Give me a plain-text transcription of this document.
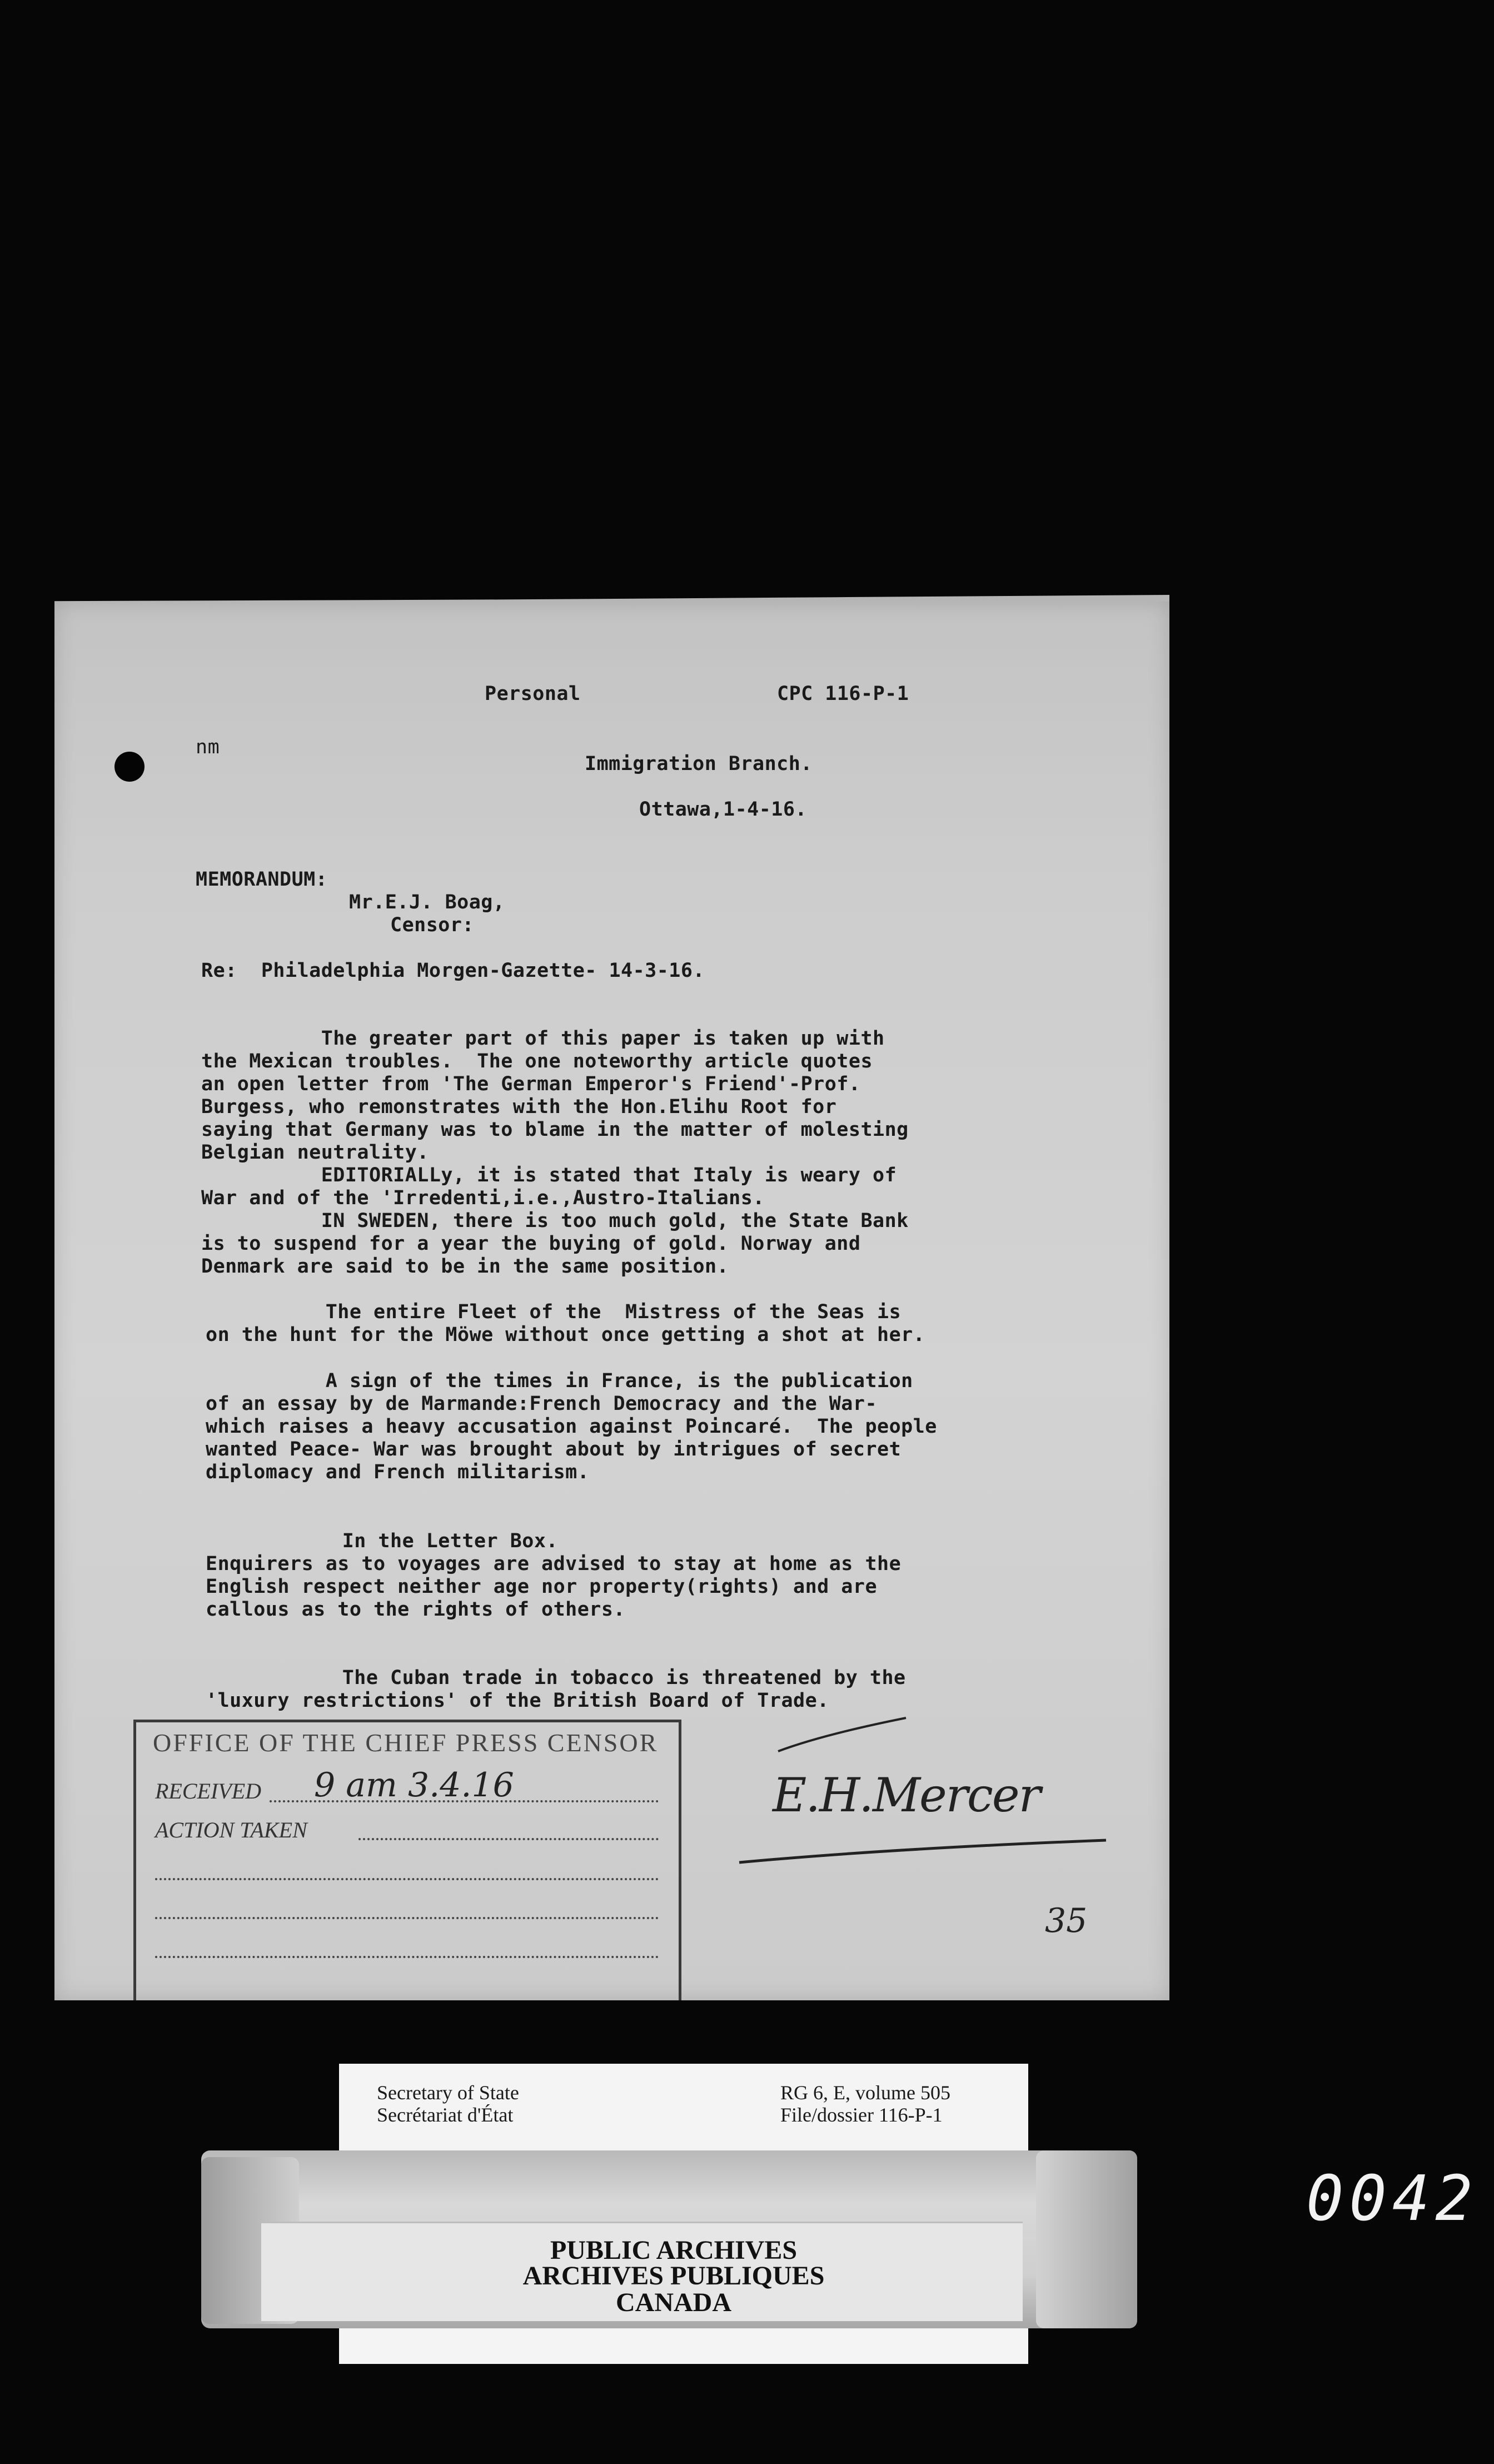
Personal	CPC 116-P-1
nm
Immigration Branch.
Ottawa,1-4-16.
MEMORANDUM:
Mr.E.J. Boag,
Censor:
Re:  Philadelphia Morgen-Gazette- 14-3-16.
The greater part of this paper is taken up with
the Mexican troubles.  The one noteworthy article quotes
an open letter from 'The German Emperor's Friend'-Prof.
Burgess, who remonstrates with the Hon.Elihu Root for
saying that Germany was to blame in the matter of molesting
Belgian neutrality.
EDITORIALLy, it is stated that Italy is weary of
War and of the 'Irredenti,i.e.,Austro-Italians.
IN SWEDEN, there is too much gold, the State Bank
is to suspend for a year the buying of gold. Norway and
Denmark are said to be in the same position.
The entire Fleet of the  Mistress of the Seas is
on the hunt for the Möwe without once getting a shot at her.
A sign of the times in France, is the publication
of an essay by de Marmande:French Democracy and the War-
which raises a heavy accusation against Poincaré.  The people
wanted Peace- War was brought about by intrigues of secret
diplomacy and French militarism.
In the Letter Box.
Enquirers as to voyages are advised to stay at home as the
English respect neither age nor property(rights) and are
callous as to the rights of others.
The Cuban trade in tobacco is threatened by the
'luxury restrictions' of the British Board of Trade.
OFFICE OF THE CHIEF PRESS CENSOR
RECEIVED 9 am 3.4.16
ACTION TAKEN
E.H.Mercer
35
Secretary of State
Secrétariat d'État
RG 6, E, volume 505
File/dossier 116-P-1
PUBLIC ARCHIVES
ARCHIVES PUBLIQUES
CANADA
0042
